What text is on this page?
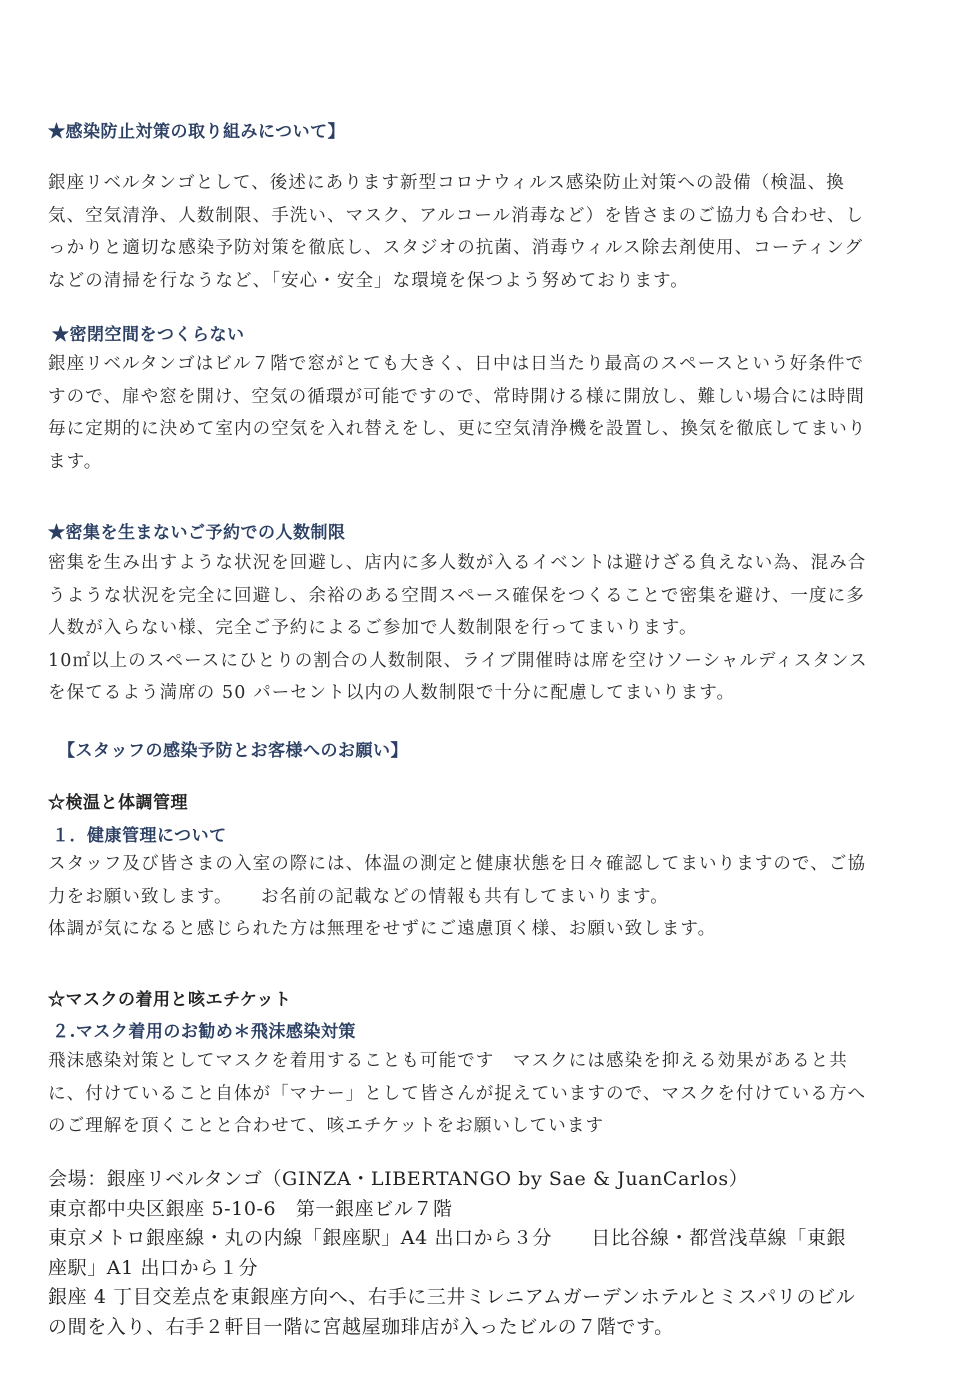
★感染防止対策の取り組みについて】
銀座リベルタンゴとして、後述にあります新型コロナウィルス感染防止対策への設備（検温、換
気、空気清浄、人数制限、手洗い、マスク、アルコール消毒など）を皆さまのご協力も合わせ、し
っかりと適切な感染予防対策を徹底し、スタジオの抗菌、消毒ウィルス除去剤使用、コーティング
などの清掃を行なうなど、「安心・安全」な環境を保つよう努めております。
★密閉空間をつくらない
銀座リベルタンゴはビル７階で窓がとても大きく、日中は日当たり最高のスペースという好条件で
すので、扉や窓を開け、空気の循環が可能ですので、常時開ける様に開放し、難しい場合には時間
毎に定期的に決めて室内の空気を入れ替えをし、更に空気清浄機を設置し、換気を徹底してまいり
ます。
★密集を生まないご予約での人数制限
密集を生み出すような状況を回避し、店内に多人数が入るイベントは避けざる負えない為、混み合
うような状況を完全に回避し、余裕のある空間スペース確保をつくることで密集を避け、一度に多
人数が入らない様、完全ご予約によるご参加で人数制限を行ってまいります。
10㎡以上のスペースにひとりの割合の人数制限、ライブ開催時は席を空けソーシャルディスタンス
を保てるよう満席の 50 パーセント以内の人数制限で十分に配慮してまいります。
【スタッフの感染予防とお客様へのお願い】
☆検温と体調管理
１．健康管理について
スタッフ及び皆さまの入室の際には、体温の測定と健康状態を日々確認してまいりますので、ご協
力をお願い致します。　　お名前の記載などの情報も共有してまいります。
体調が気になると感じられた方は無理をせずにご遠慮頂く様、お願い致します。
☆マスクの着用と咳エチケット
２.マスク着用のお勧め＊飛沫感染対策
飛沫感染対策としてマスクを着用することも可能です　マスクには感染を抑える効果があると共
に、付けていること自体が「マナー」として皆さんが捉えていますので、マスクを付けている方へ
のご理解を頂くことと合わせて、咳エチケットをお願いしています
会場：銀座リベルタンゴ（GINZA・LIBERTANGO by Sae & JuanCarlos）
東京都中央区銀座 5-10-6　第一銀座ビル７階
東京メトロ銀座線・丸の内線「銀座駅」A4 出口から３分　　日比谷線・都営浅草線「東銀
座駅」A1 出口から１分
銀座 4 丁目交差点を東銀座方向へ、右手に三井ミレニアムガーデンホテルとミスパリのビル
の間を入り、右手２軒目一階に宮越屋珈琲店が入ったビルの７階です。
